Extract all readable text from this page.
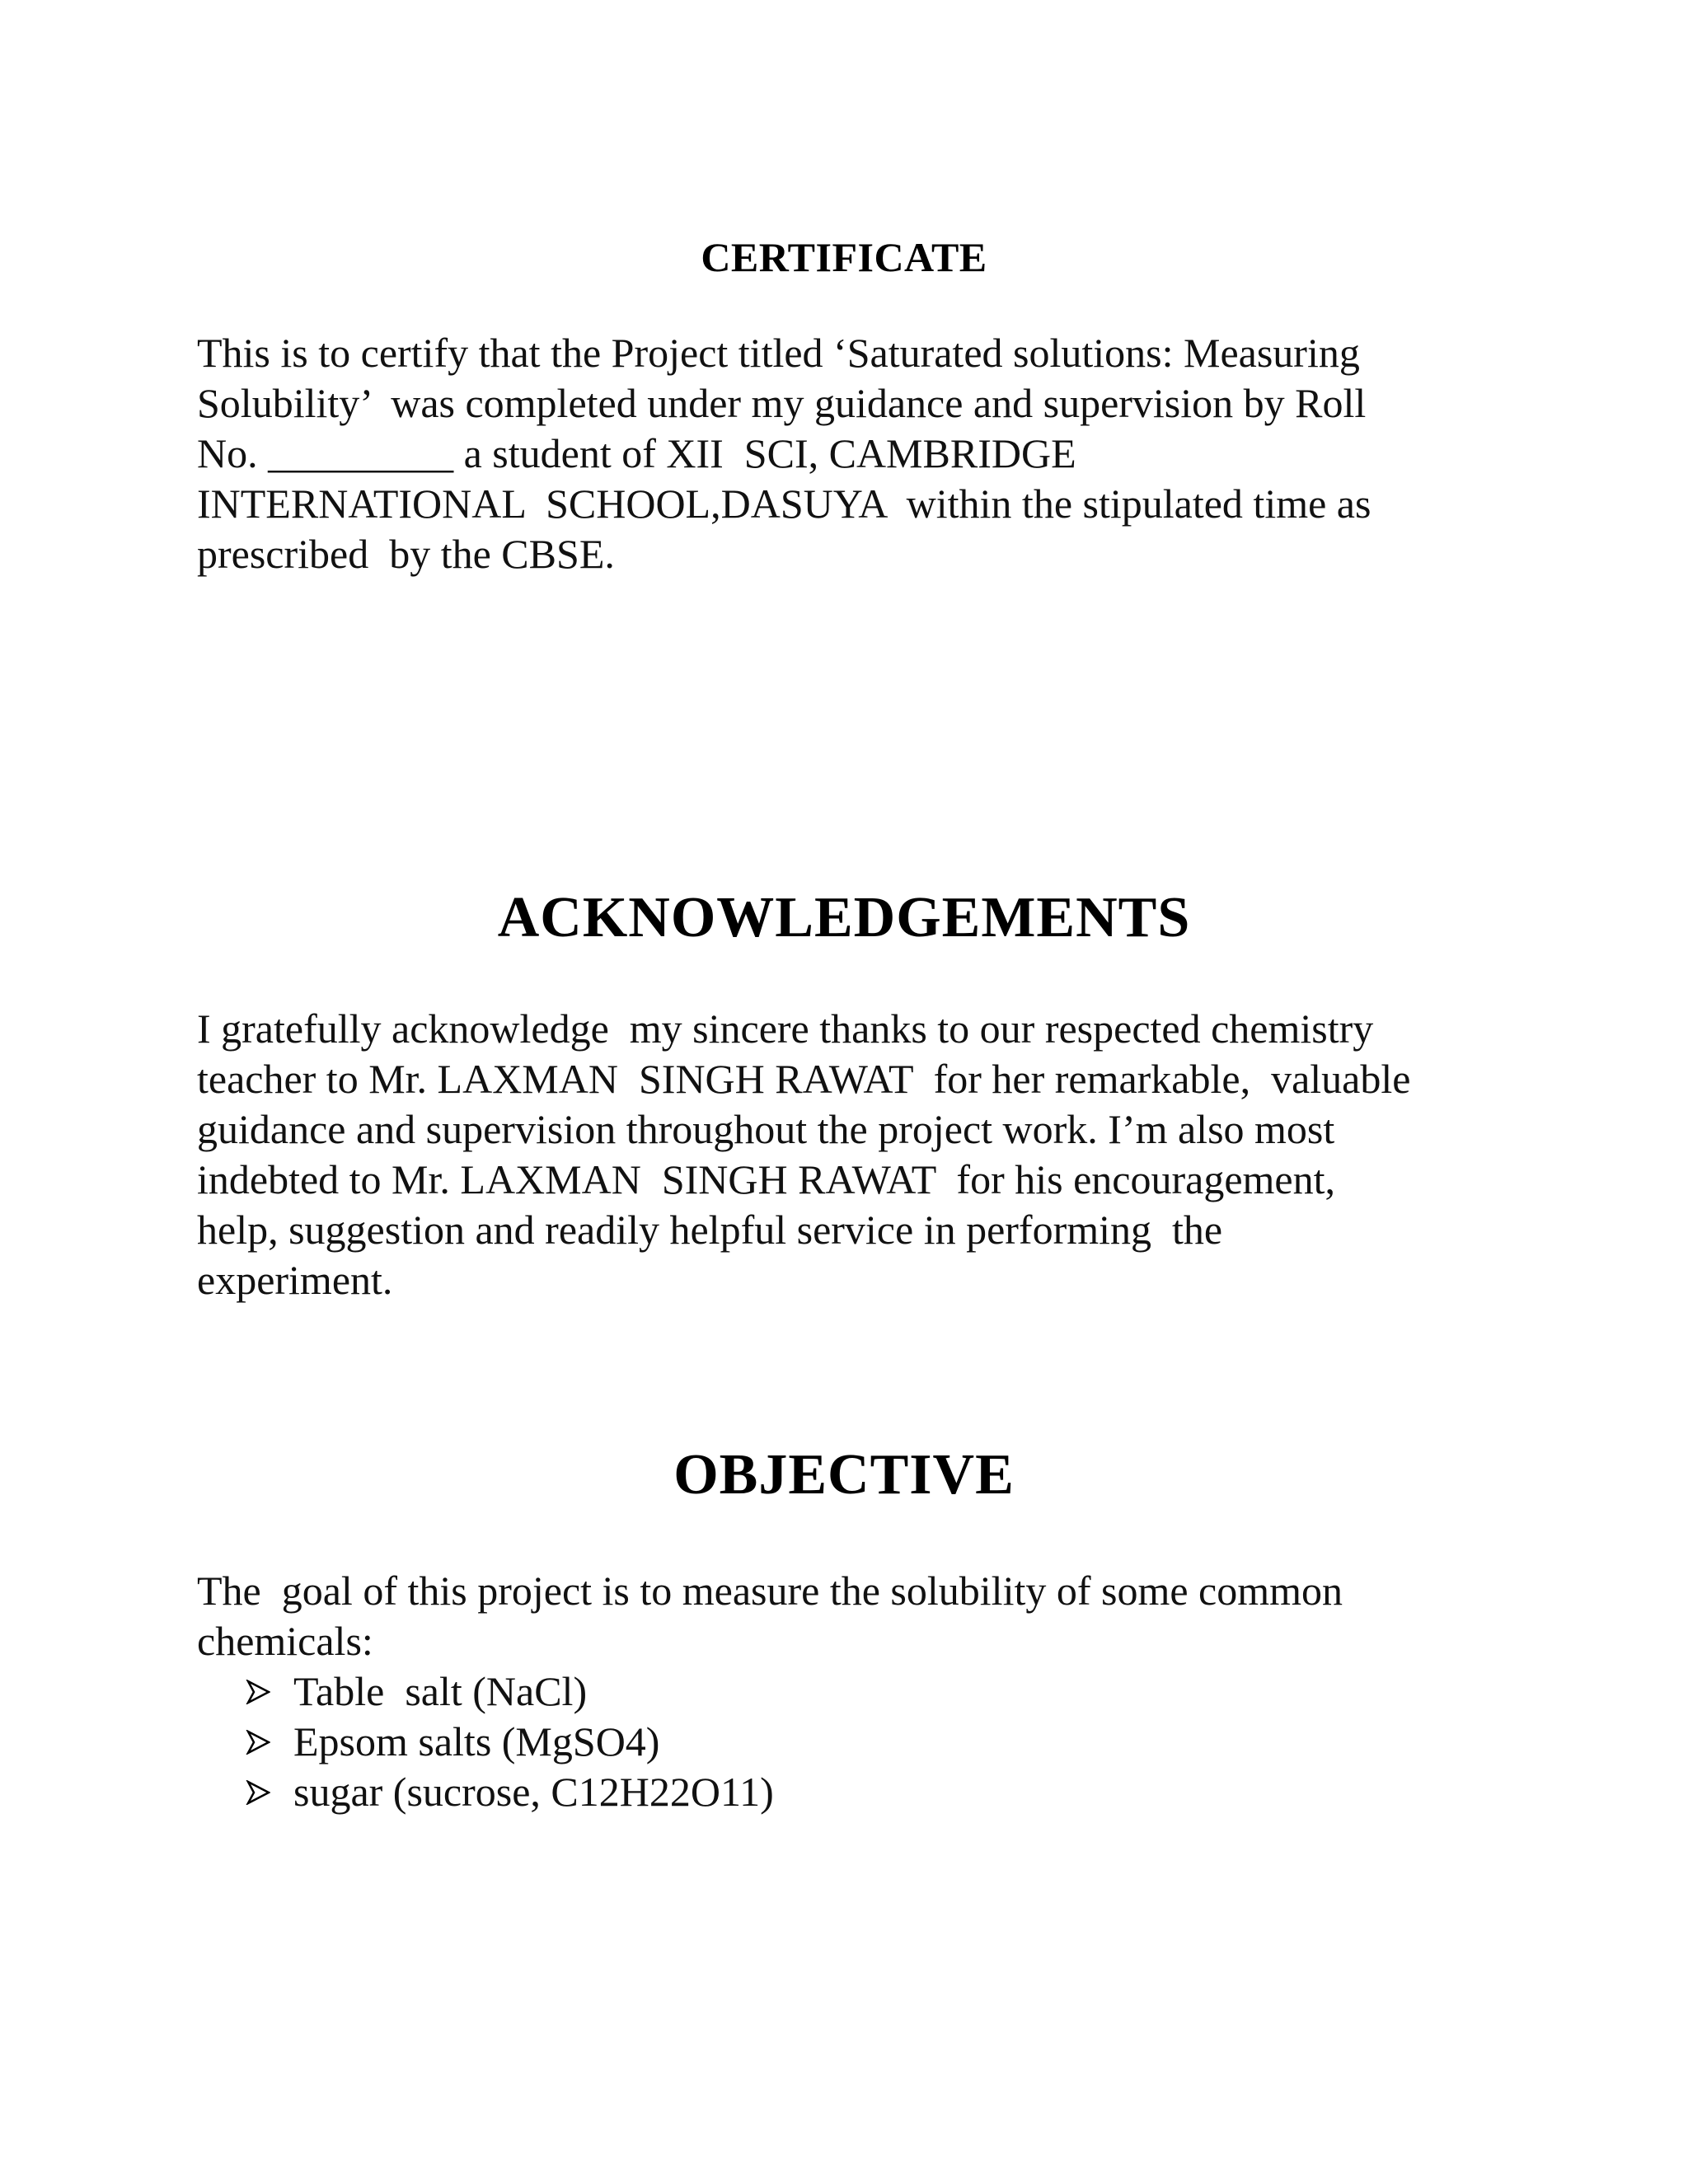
CERTIFICATE
This is to certify that the Project titled ‘Saturated solutions: Measuring
Solubility’  was completed under my guidance and supervision by Roll
No. _________ a student of XII  SCI, CAMBRIDGE
INTERNATIONAL  SCHOOL,DASUYA  within the stipulated time as
prescribed  by the CBSE.
ACKNOWLEDGEMENTS
I gratefully acknowledge  my sincere thanks to our respected chemistry
teacher to Mr. LAXMAN  SINGH RAWAT  for her remarkable,  valuable
guidance and supervision throughout the project work. I’m also most
indebted to Mr. LAXMAN  SINGH RAWAT  for his encouragement,
help, suggestion and readily helpful service in performing  the
experiment.
OBJECTIVE
The  goal of this project is to measure the solubility of some common
chemicals:

Table  salt (NaCl)

Epsom salts (MgSO4)

sugar (sucrose, C12H22O11)
